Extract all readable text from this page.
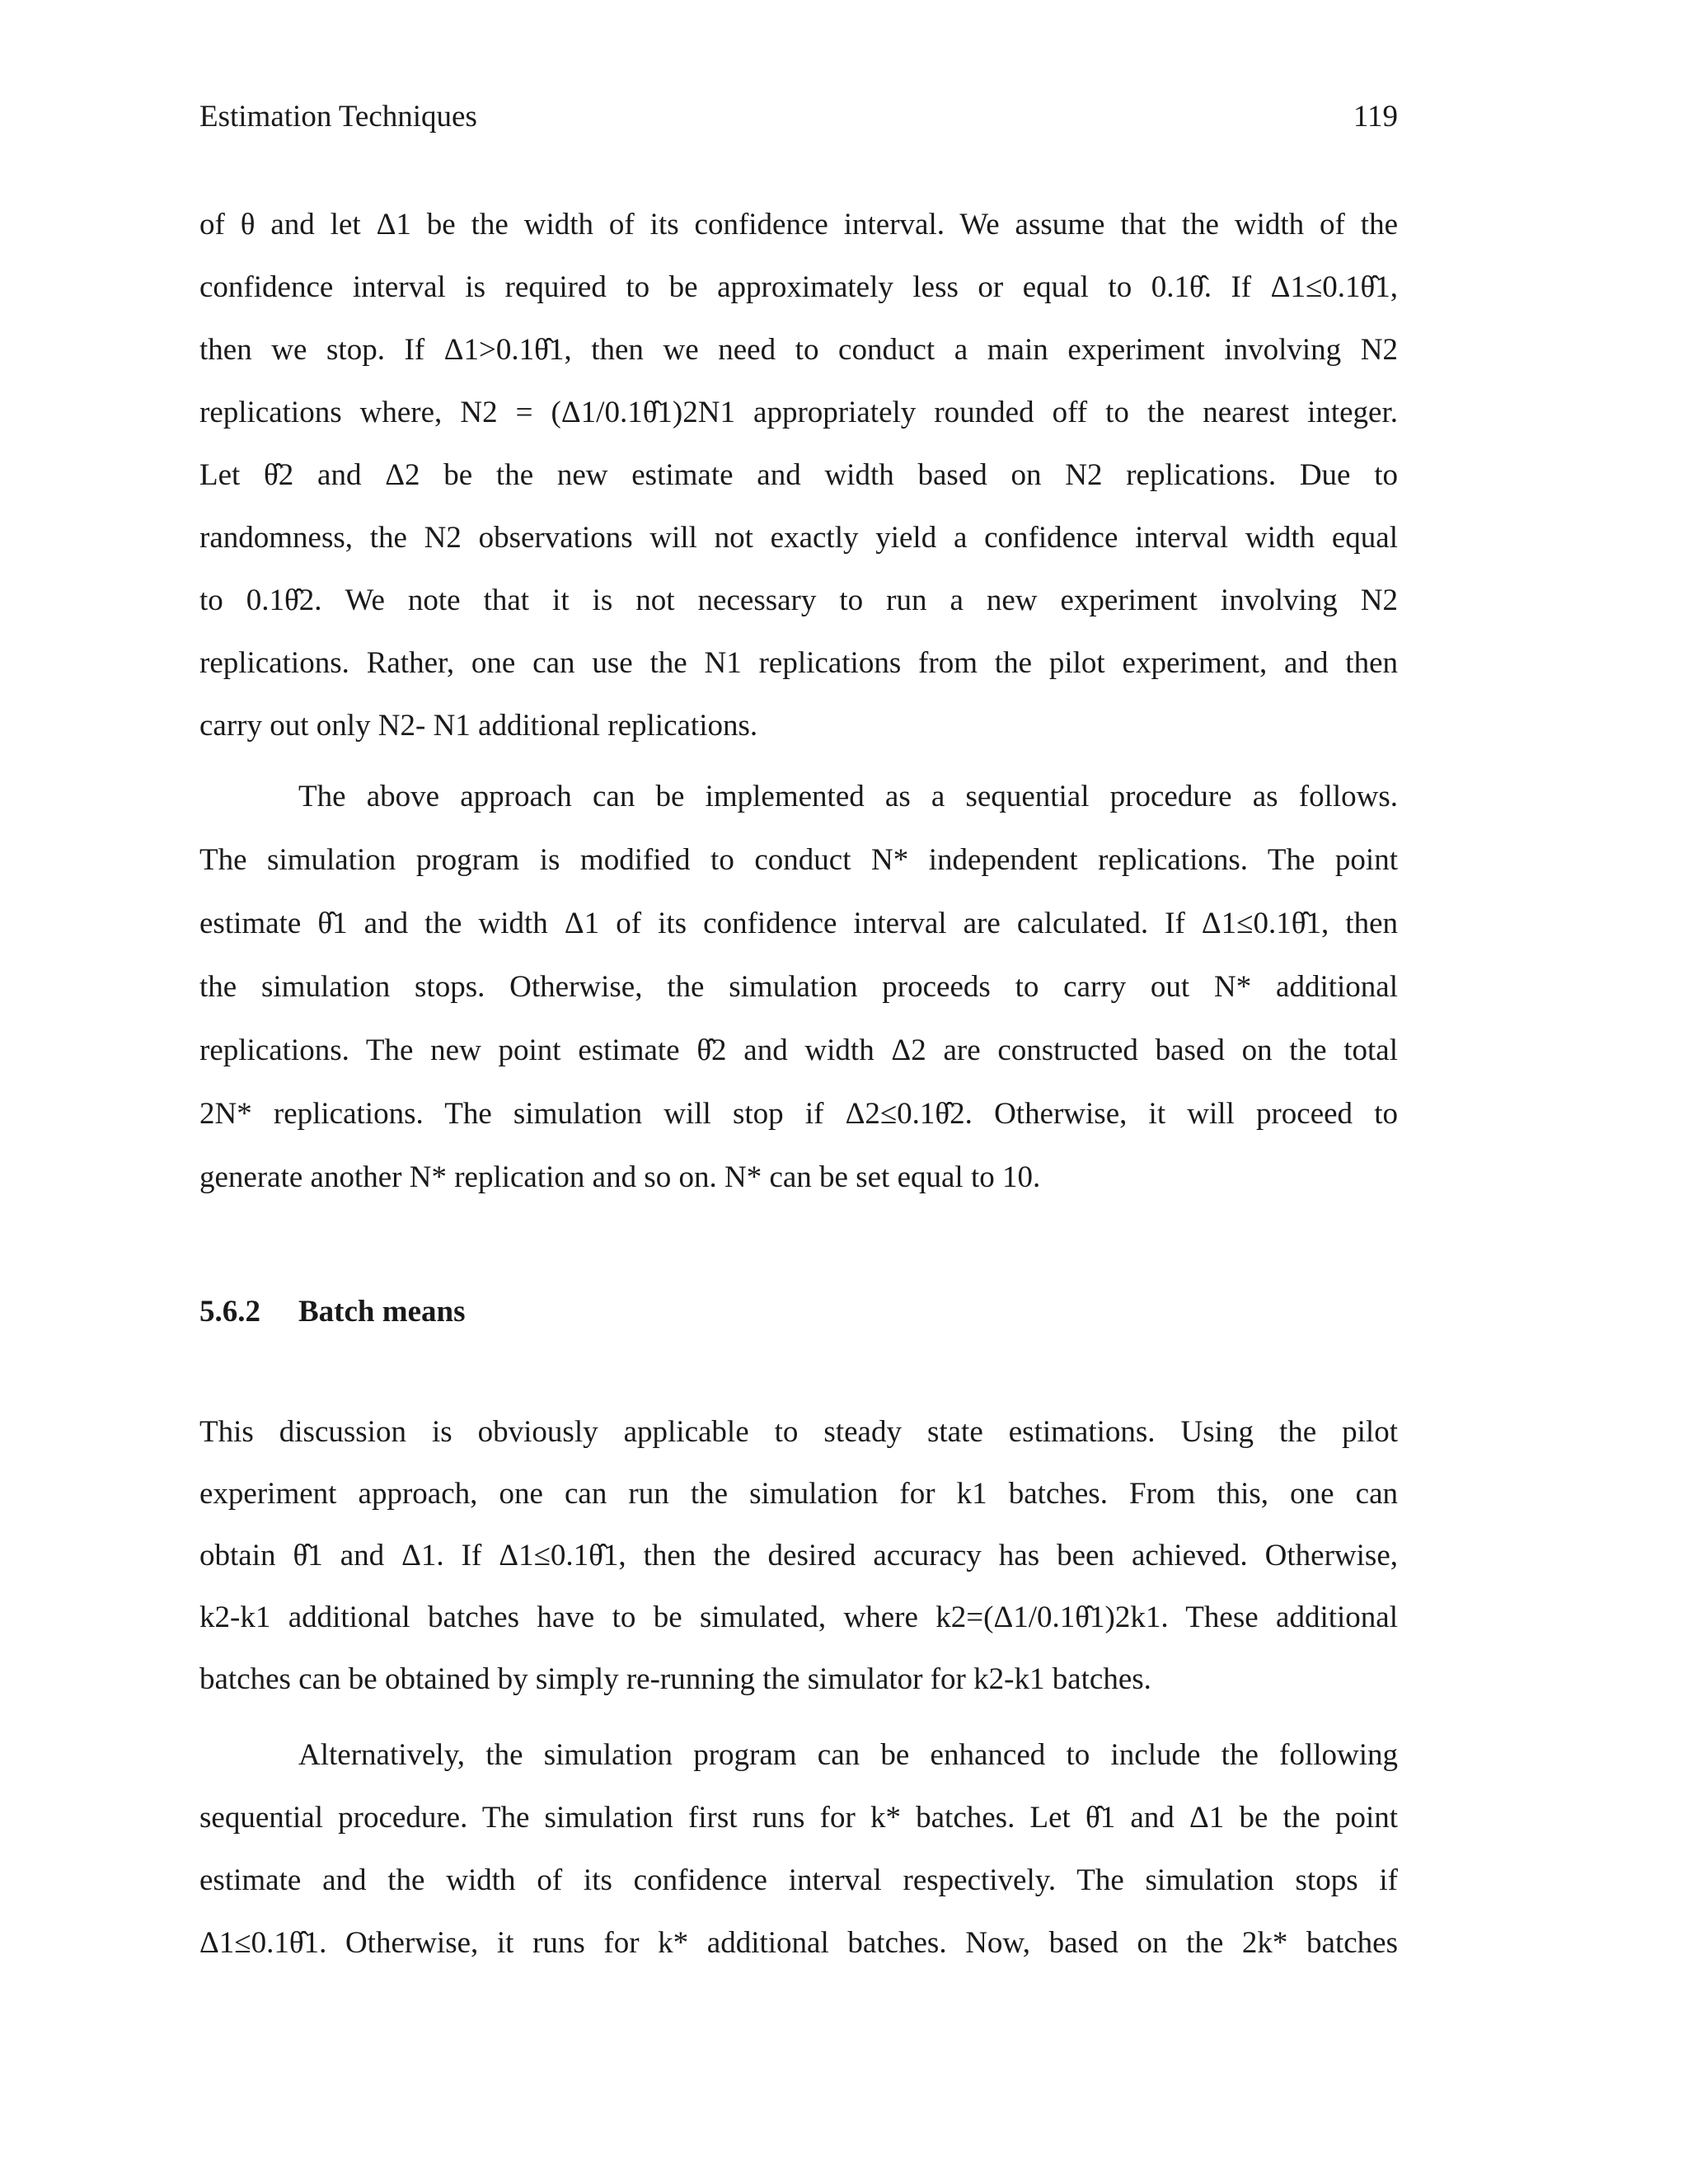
Estimation Techniques	119
of θ and let Δ1 be the width of its confidence interval. We assume that the width of the
confidence interval is required to be approximately less or equal to 0.1θ̂. If Δ1≤0.1θ̂1,
then we stop. If Δ1>0.1θ̂1, then we need to conduct a main experiment involving N2
replications where, N2 = (Δ1/0.1θ̂1)2N1 appropriately rounded off to the nearest integer.
Let θ̂2 and Δ2 be the new estimate and width based on N2 replications. Due to
randomness, the N2 observations will not exactly yield a confidence interval width equal
to 0.1θ̂2. We note that it is not necessary to run a new experiment involving N2
replications. Rather, one can use the N1 replications from the pilot experiment, and then
carry out only N2- N1 additional replications.
The above approach can be implemented as a sequential procedure as follows.
The simulation program is modified to conduct N* independent replications. The point
estimate θ̂1 and the width Δ1 of its confidence interval are calculated. If Δ1≤0.1θ̂1, then
the simulation stops. Otherwise, the simulation proceeds to carry out N* additional
replications. The new point estimate θ̂2 and width Δ2 are constructed based on the total
2N* replications. The simulation will stop if Δ2≤0.1θ̂2. Otherwise, it will proceed to
generate another N* replication and so on. N* can be set equal to 10.
5.6.2 Batch means
This discussion is obviously applicable to steady state estimations. Using the pilot
experiment approach, one can run the simulation for k1 batches. From this, one can
obtain θ̂1 and Δ1. If Δ1≤0.1θ̂1, then the desired accuracy has been achieved. Otherwise,
k2-k1 additional batches have to be simulated, where k2=(Δ1/0.1θ̂1)2k1. These additional
batches can be obtained by simply re-running the simulator for k2-k1 batches.
Alternatively, the simulation program can be enhanced to include the following
sequential procedure. The simulation first runs for k* batches. Let θ̂1 and Δ1 be the point
estimate and the width of its confidence interval respectively. The simulation stops if
Δ1≤0.1θ̂1. Otherwise, it runs for k* additional batches. Now, based on the 2k* batches
